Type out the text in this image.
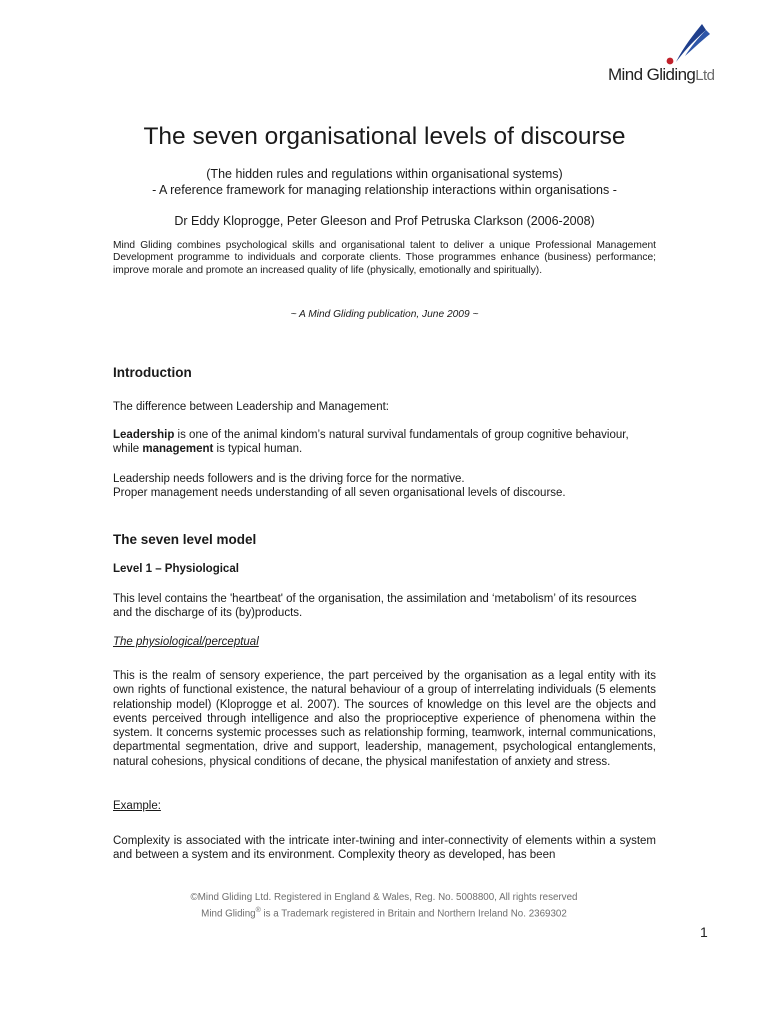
Mind GlidingLtd
The seven organisational levels of discourse
(The hidden rules and regulations within organisational systems)
- A reference framework for managing relationship interactions within organisations -
Dr Eddy Kloprogge, Peter Gleeson and Prof Petruska Clarkson (2006-2008)
Mind Gliding combines psychological skills and organisational talent to deliver a unique Professional Management Development programme to individuals and corporate clients. Those programmes enhance (business) performance; improve morale and promote an increased quality of life (physically, emotionally and spiritually).
~ A Mind Gliding publication, June 2009 ~
Introduction
The difference between Leadership and Management:
Leadership is one of the animal kindom’s natural survival fundamentals of group cognitive behaviour, while management is typical human.
Leadership needs followers and is the driving force for the normative.
Proper management needs understanding of all seven organisational levels of discourse.
The seven level model
Level 1 – Physiological
This level contains the 'heartbeat' of the organisation, the assimilation and ‘metabolism’ of its resources and the discharge of its (by)products.
The physiological/perceptual
This is the realm of sensory experience, the part perceived by the organisation as a legal entity with its own rights of functional existence, the natural behaviour of a group of interrelating individuals (5 elements relationship model) (Kloprogge et al. 2007). The sources of knowledge on this level are the objects and events perceived through intelligence and also the proprioceptive experience of phenomena within the system. It concerns systemic processes such as relationship forming, teamwork, internal communications, departmental segmentation, drive and support, leadership, management, psychological entanglements, natural cohesions, physical conditions of decane, the physical manifestation of anxiety and stress.
Example:
Complexity is associated with the intricate inter-twining and inter-connectivity of elements within a system and between a system and its environment. Complexity theory as developed, has been
©Mind Gliding Ltd. Registered in England & Wales, Reg. No. 5008800, All rights reserved
Mind Gliding® is a Trademark registered in Britain and Northern Ireland No. 2369302
1
